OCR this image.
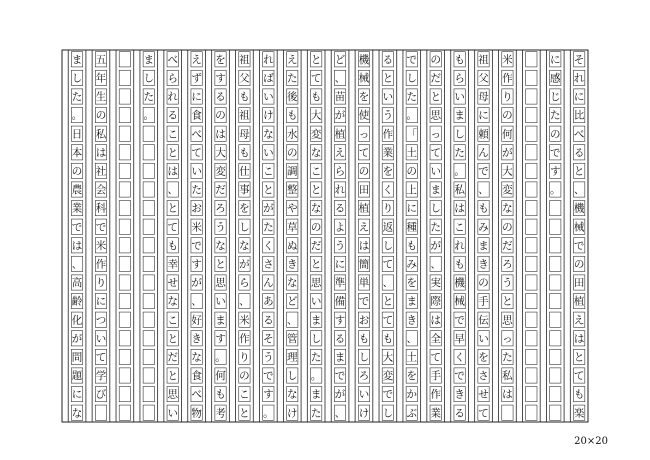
そ
れ
に
比
べ
る
と
、
機
械
で
の
田
植
え
は
と
て
も
楽
に
感
じ
た
の
で
す
。
米
作
り
の
何
が
大
変
な
の
だ
ろ
う
と
思
っ
た
私
は
祖
父
母
に
頼
ん
で
、
も
み
ま
き
の
手
伝
い
を
さ
せ
て
も
ら
い
ま
し
た
。
私
は
こ
れ
も
機
械
で
早
く
で
き
る
の
だ
と
思
っ
て
い
ま
し
た
が
、
実
際
は
全
て
手
作
業
で
し
た
。
「
土
の
上
に
種
も
み
を
ま
き
、
土
を
か
ぶ
る
と
い
う
作
業
を
く
り
返
し
て
、
と
て
も
大
変
で
し
機
械
を
使
っ
て
の
田
植
え
は
簡
単
で
お
も
し
ろ
い
け
ど
、
苗
が
植
え
ら
れ
る
よ
う
に
準
備
す
る
ま
で
が
、
と
て
も
大
変
な
こ
と
な
の
だ
と
思
い
ま
し
た
。
ま
た
え
た
後
も
水
の
調
整
や
草
ぬ
き
な
ど
、
管
理
し
な
け
れ
ば
い
け
な
い
こ
と
が
た
く
さ
ん
あ
る
そ
う
で
す
。
祖
父
も
祖
母
も
仕
事
を
し
な
が
ら
、
米
作
り
の
こ
と
を
す
る
の
は
大
変
だ
ろ
う
な
と
思
い
ま
す
。
何
も
考
え
ず
に
食
べ
て
い
た
お
米
で
す
が
、
好
き
な
食
べ
物
べ
ら
れ
る
こ
と
は
、
と
て
も
幸
せ
な
こ
と
だ
と
思
い
ま
し
た
。
五
年
生
の
私
は
社
会
科
で
米
作
り
に
つ
い
て
学
び
ま
し
た
。
日
本
の
農
業
で
は
、
高
齢
化
が
問
題
に
な
20×20
